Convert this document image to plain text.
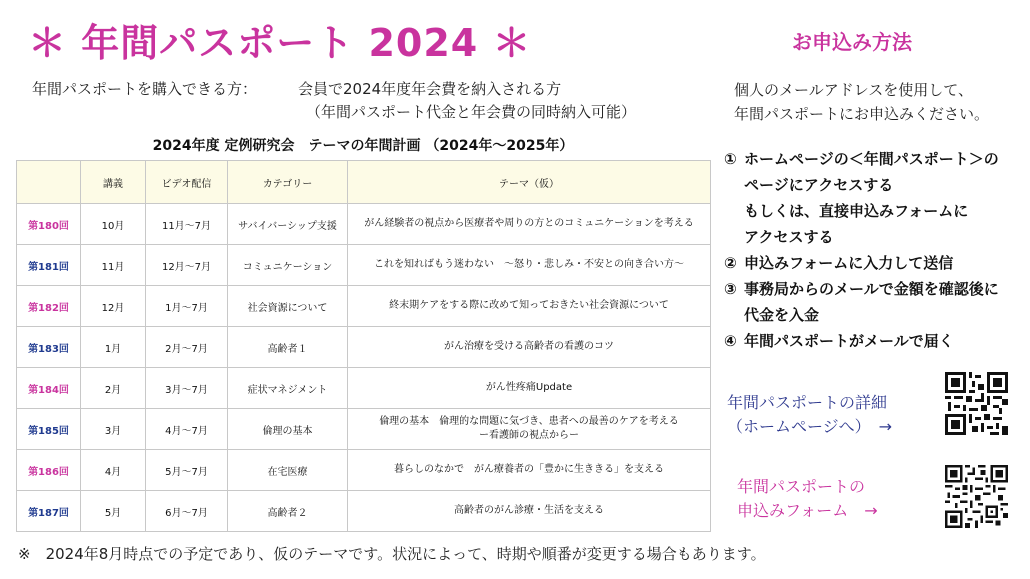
＊ 年間パスポート 2024 ＊	お申込み方法
年間パスポートを購入できる方：	会員で2024年度年会費を納入される方
（年間パスポート代金と年会費の同時納入可能）
2024年度 定例研究会　テーマの年間計画 （2024年〜2025年）
	講義	ビデオ配信	カテゴリー	テーマ（仮）
第180回	10月	11月〜7月	サバイバーシップ支援	がん経験者の視点から医療者や周りの方とのコミュニケーションを考える
第181回	11月	12月〜7月	コミュニケーション	これを知ればもう迷わない　〜怒り・悲しみ・不安との向き合い方〜
第182回	12月	1月〜7月	社会資源について	終末期ケアをする際に改めて知っておきたい社会資源について
第183回	1月	2月〜7月	高齢者１	がん治療を受ける高齢者の看護のコツ
第184回	2月	3月〜7月	症状マネジメント	がん性疼痛Update
第185回	3月	4月〜7月	倫理の基本	倫理の基本　倫理的な問題に気づき、患者への最善のケアを考える
ー看護師の視点からー
第186回	4月	5月〜7月	在宅医療	暮らしのなかで　がん療養者の「豊かに生ききる」を支える
第187回	5月	6月〜7月	高齢者２	高齢者のがん診療・生活を支える
個人のメールアドレスを使用して、
年間パスポートにお申込みください。
① ホームページの＜年間パスポート＞の
ページにアクセスする
もしくは、直接申込みフォームに
アクセスする
② 申込みフォームに入力して送信
③ 事務局からのメールで金額を確認後に
代金を入金
④ 年間パスポートがメールで届く
年間パスポートの詳細
（ホームページへ）　→
年間パスポートの
申込みフォーム　→
※　2024年8月時点での予定であり、仮のテーマです。状況によって、時期や順番が変更する場合もあります。
